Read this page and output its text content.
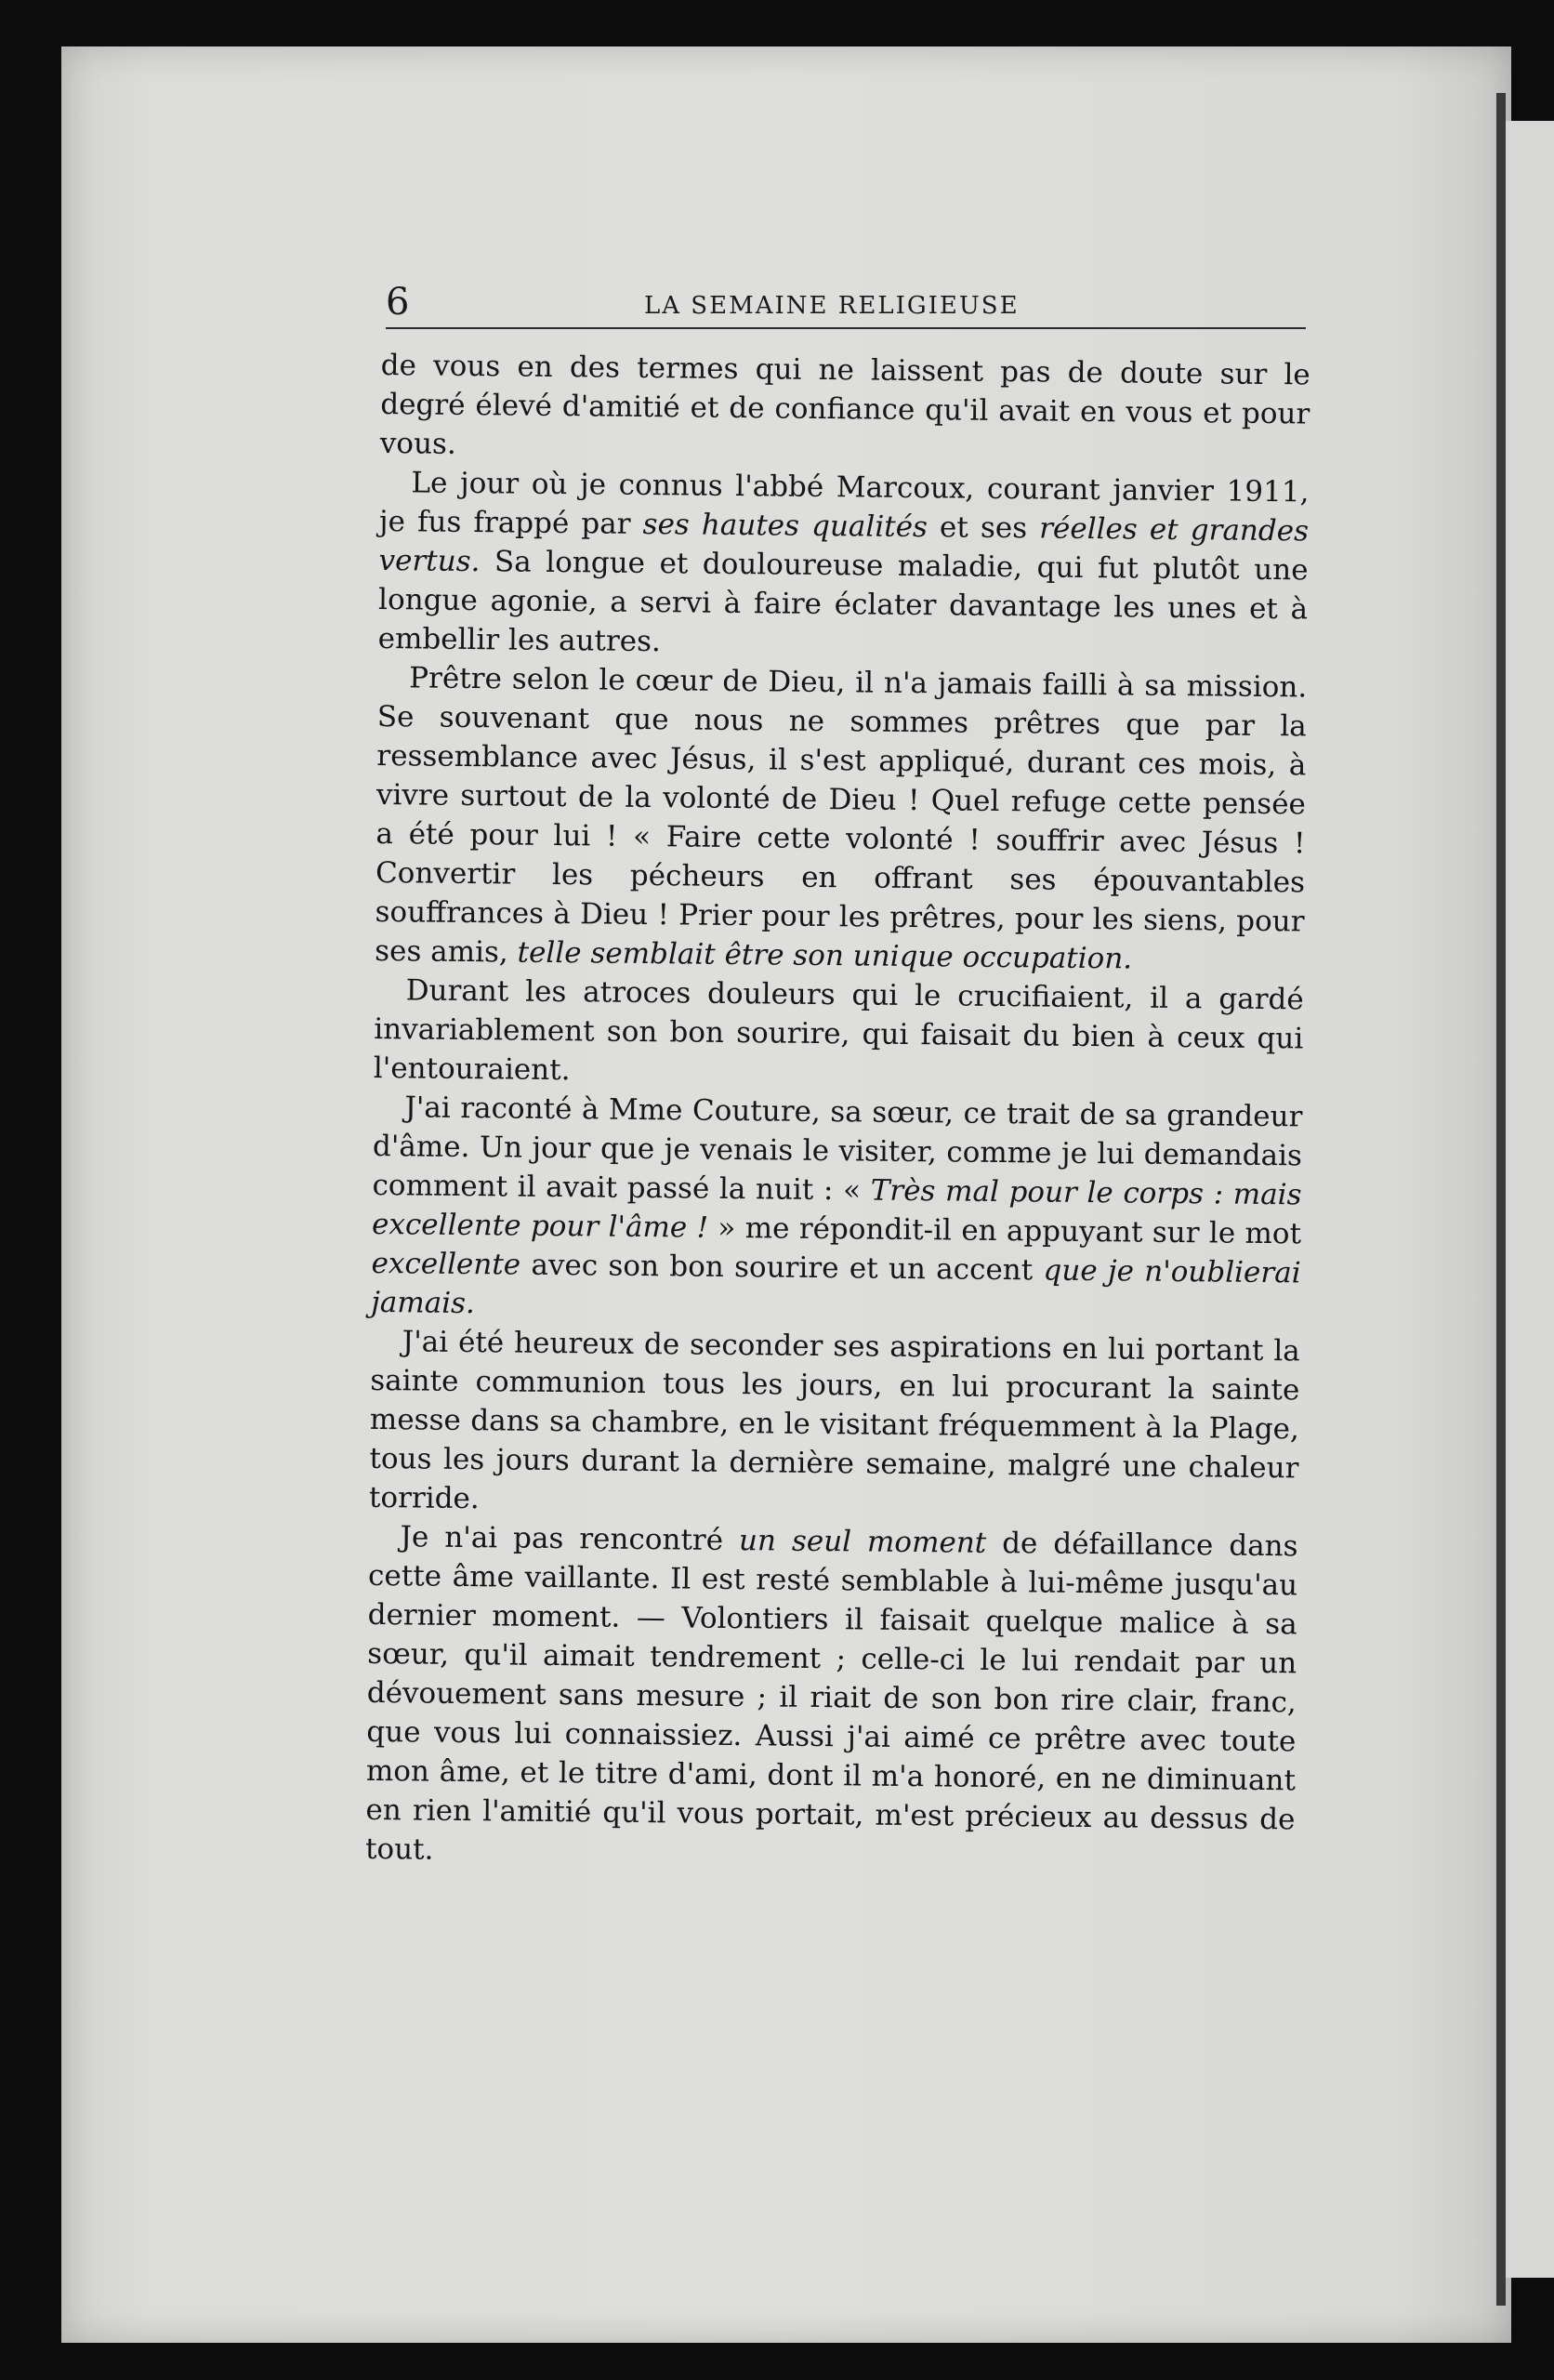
6	LA SEMAINE RELIGIEUSE

de vous en des termes qui ne laissent pas de doute sur le degré élevé d'amitié et de confiance qu'il avait en vous et pour vous.

Le jour où je connus l'abbé Marcoux, courant janvier 1911, je fus frappé par ses hautes qualités et ses réelles et grandes vertus. Sa longue et douloureuse maladie, qui fut plutôt une longue agonie, a servi à faire éclater davantage les unes et à embellir les autres.

Prêtre selon le cœur de Dieu, il n'a jamais failli à sa mission. Se souvenant que nous ne sommes prêtres que par la ressemblance avec Jésus, il s'est appliqué, durant ces mois, à vivre surtout de la volonté de Dieu ! Quel refuge cette pensée a été pour lui ! « Faire cette volonté ! souffrir avec Jésus ! Convertir les pécheurs en offrant ses épouvantables souffrances à Dieu ! Prier pour les prêtres, pour les siens, pour ses amis, telle semblait être son unique occupation.

Durant les atroces douleurs qui le crucifiaient, il a gardé invariablement son bon sourire, qui faisait du bien à ceux qui l'entouraient.

J'ai raconté à Mme Couture, sa sœur, ce trait de sa grandeur d'âme. Un jour que je venais le visiter, comme je lui demandais comment il avait passé la nuit : « Très mal pour le corps : mais excellente pour l'âme ! » me répondit-il en appuyant sur le mot excellente avec son bon sourire et un accent que je n'oublierai jamais.

J'ai été heureux de seconder ses aspirations en lui portant la sainte communion tous les jours, en lui procurant la sainte messe dans sa chambre, en le visitant fréquemment à la Plage, tous les jours durant la dernière semaine, malgré une chaleur torride.

Je n'ai pas rencontré un seul moment de défaillance dans cette âme vaillante. Il est resté semblable à lui-même jusqu'au dernier moment. — Volontiers il faisait quelque malice à sa sœur, qu'il aimait tendrement ; celle-ci le lui rendait par un dévouement sans mesure ; il riait de son bon rire clair, franc, que vous lui connaissiez. Aussi j'ai aimé ce prêtre avec toute mon âme, et le titre d'ami, dont il m'a honoré, en ne diminuant en rien l'amitié qu'il vous portait, m'est précieux au dessus de tout.
